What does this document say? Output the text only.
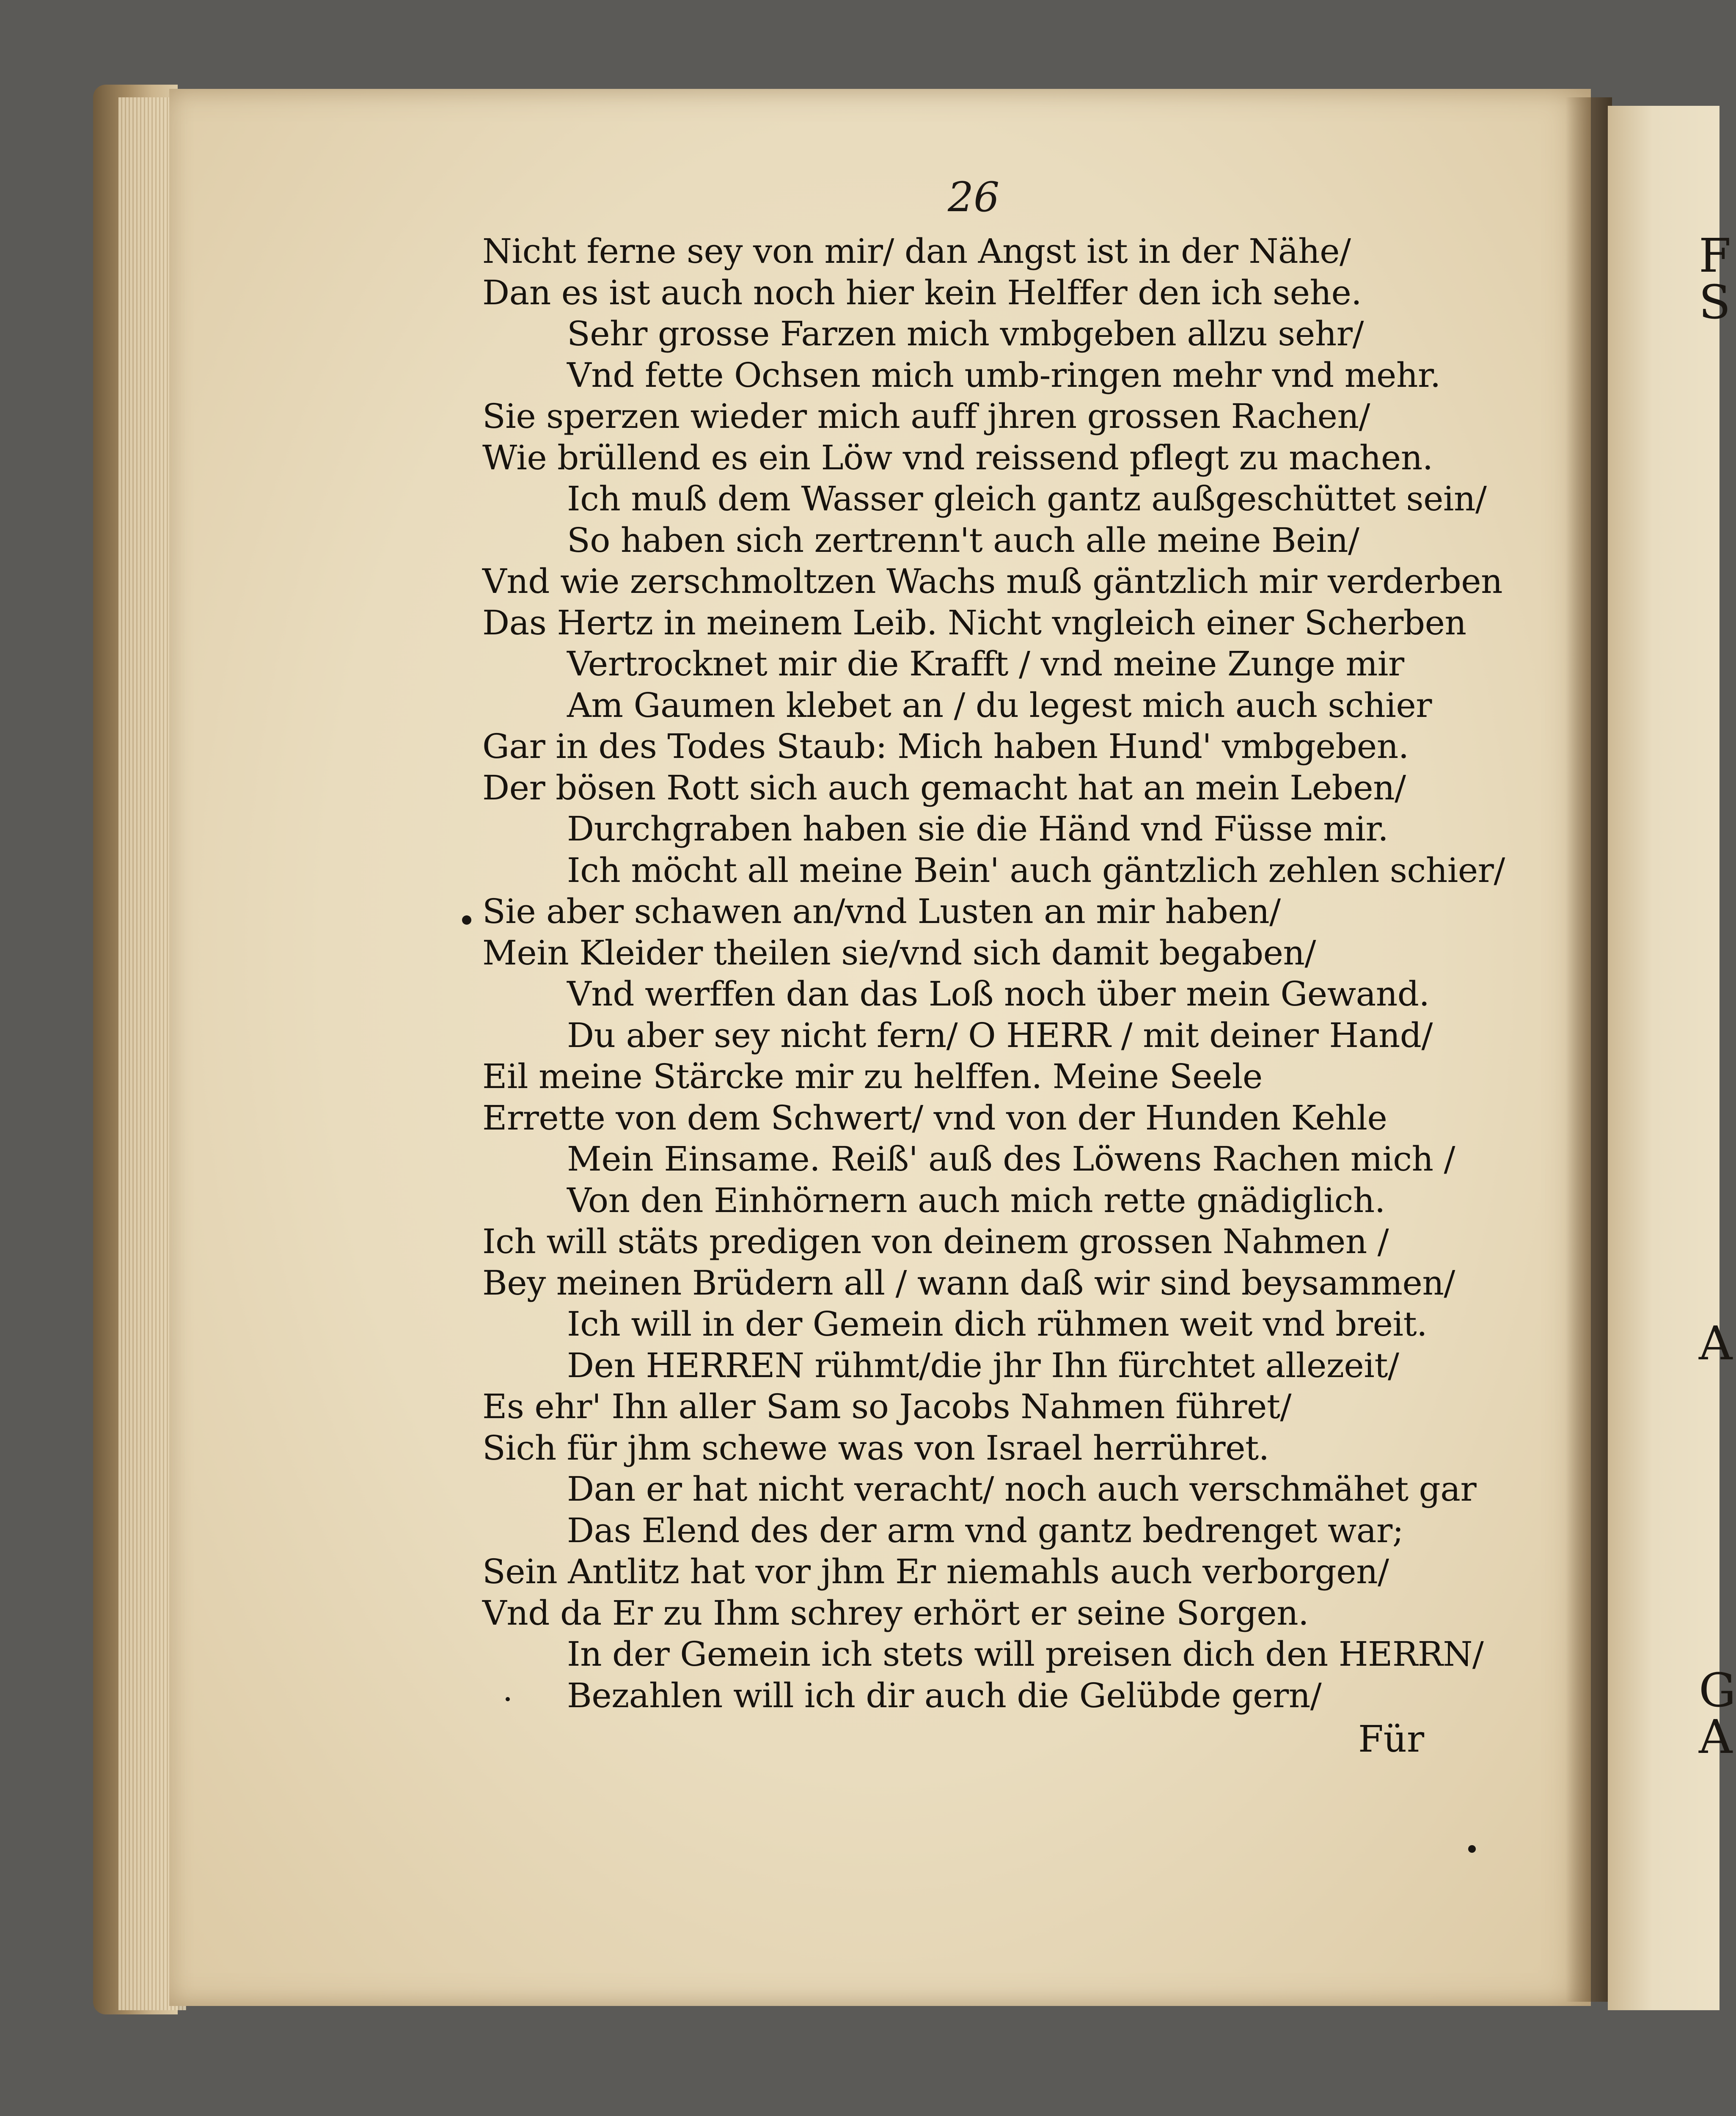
F
S
A
G
A
26
Nicht ferne sey von mir/ dan Angst ist in der Nähe/
Dan es ist auch noch hier kein Helffer den ich sehe.
Sehr grosse Farzen mich vmbgeben allzu sehr/
Vnd fette Ochsen mich umb-ringen mehr vnd mehr.
Sie sperzen wieder mich auff jhren grossen Rachen/
Wie brüllend es ein Löw vnd reissend pflegt zu machen.
Ich muß dem Wasser gleich gantz außgeschüttet sein/
So haben sich zertrenn't auch alle meine Bein/
Vnd wie zerschmoltzen Wachs muß gäntzlich mir verderben
Das Hertz in meinem Leib. Nicht vngleich einer Scherben
Vertrocknet mir die Krafft / vnd meine Zunge mir
Am Gaumen klebet an / du legest mich auch schier
Gar in des Todes Staub: Mich haben Hund' vmbgeben.
Der bösen Rott sich auch gemacht hat an mein Leben/
Durchgraben haben sie die Händ vnd Füsse mir.
Ich möcht all meine Bein' auch gäntzlich zehlen schier/
Sie aber schawen an/vnd Lusten an mir haben/
Mein Kleider theilen sie/vnd sich damit begaben/
Vnd werffen dan das Loß noch über mein Gewand.
Du aber sey nicht fern/ O HERR / mit deiner Hand/
Eil meine Stärcke mir zu helffen. Meine Seele
Errette von dem Schwert/ vnd von der Hunden Kehle
Mein Einsame. Reiß' auß des Löwens Rachen mich /
Von den Einhörnern auch mich rette gnädiglich.
Ich will stäts predigen von deinem grossen Nahmen /
Bey meinen Brüdern all / wann daß wir sind beysammen/
Ich will in der Gemein dich rühmen weit vnd breit.
Den HERREN rühmt/die jhr Ihn fürchtet allezeit/
Es ehr' Ihn aller Sam so Jacobs Nahmen führet/
Sich für jhm schewe was von Israel herrühret.
Dan er hat nicht veracht/ noch auch verschmähet gar
Das Elend des der arm vnd gantz bedrenget war;
Sein Antlitz hat vor jhm Er niemahls auch verborgen/
Vnd da Er zu Ihm schrey erhört er seine Sorgen.
In der Gemein ich stets will preisen dich den HERRN/
Bezahlen will ich dir auch die Gelübde gern/
Für
